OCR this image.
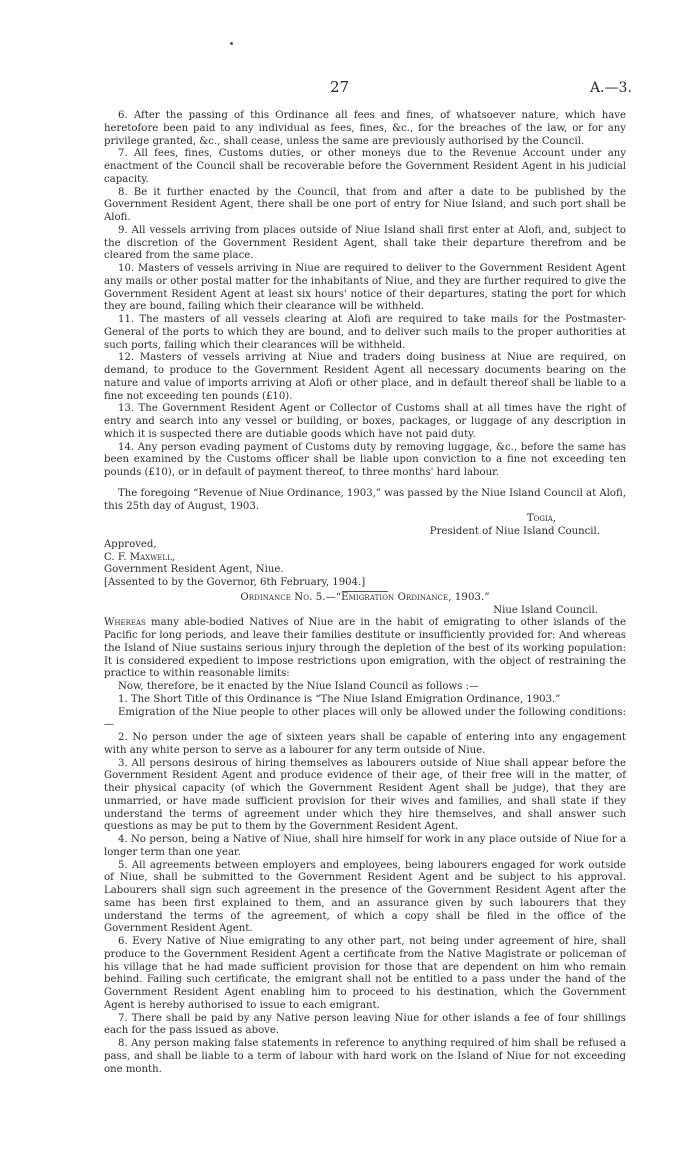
27	A.—3.

6. After the passing of this Ordinance all fees and fines, of whatsoever nature, which have heretofore been paid to any individual as fees, fines, &c., for the breaches of the law, or for any privilege granted, &c., shall cease, unless the same are previously authorised by the Council.

7. All fees, fines, Customs duties, or other moneys due to the Revenue Account under any enactment of the Council shall be recoverable before the Government Resident Agent in his judicial capacity.

8. Be it further enacted by the Council, that from and after a date to be published by the Government Resident Agent, there shall be one port of entry for Niue Island, and such port shall be Alofi.

9. All vessels arriving from places outside of Niue Island shall first enter at Alofi, and, subject to the discretion of the Government Resident Agent, shall take their departure therefrom and be cleared from the same place.

10. Masters of vessels arriving in Niue are required to deliver to the Government Resident Agent any mails or other postal matter for the inhabitants of Niue, and they are further required to give the Government Resident Agent at least six hours' notice of their departures, stating the port for which they are bound, failing which their clearance will be withheld.

11. The masters of all vessels clearing at Alofi are required to take mails for the Postmaster-General of the ports to which they are bound, and to deliver such mails to the proper authorities at such ports, failing which their clearances will be withheld.

12. Masters of vessels arriving at Niue and traders doing business at Niue are required, on demand, to produce to the Government Resident Agent all necessary documents bearing on the nature and value of imports arriving at Alofi or other place, and in default thereof shall be liable to a fine not exceeding ten pounds (£10).

13. The Government Resident Agent or Collector of Customs shall at all times have the right of entry and search into any vessel or building, or boxes, packages, or luggage of any description in which it is suspected there are dutiable goods which have not paid duty.

14. Any person evading payment of Customs duty by removing luggage, &c., before the same has been examined by the Customs officer shall be liable upon conviction to a fine not exceeding ten pounds (£10), or in default of payment thereof, to three months' hard labour.

The foregoing “Revenue of Niue Ordinance, 1903,” was passed by the Niue Island Council at Alofi, this 25th day of August, 1903.

Togia,

President of Niue Island Council.

Approved,

C. F. Maxwell,

Government Resident Agent, Niue.

[Assented to by the Governor, 6th February, 1904.]

Ordinance No. 5.—“Emigration Ordinance, 1903.”

Niue Island Council.

Whereas many able-bodied Natives of Niue are in the habit of emigrating to other islands of the Pacific for long periods, and leave their families destitute or insufficiently provided for: And whereas the Island of Niue sustains serious injury through the depletion of the best of its working population: It is considered expedient to impose restrictions upon emigration, with the object of restraining the practice to within reasonable limits:

Now, therefore, be it enacted by the Niue Island Council as follows :—

1. The Short Title of this Ordinance is “The Niue Island Emigration Ordinance, 1903.”

Emigration of the Niue people to other places will only be allowed under the following conditions:—

2. No person under the age of sixteen years shall be capable of entering into any engagement with any white person to serve as a labourer for any term outside of Niue.

3. All persons desirous of hiring themselves as labourers outside of Niue shall appear before the Government Resident Agent and produce evidence of their age, of their free will in the matter, of their physical capacity (of which the Government Resident Agent shall be judge), that they are unmarried, or have made sufficient provision for their wives and families, and shall state if they understand the terms of agreement under which they hire themselves, and shall answer such questions as may be put to them by the Government Resident Agent.

4. No person, being a Native of Niue, shall hire himself for work in any place outside of Niue for a longer term than one year.

5. All agreements between employers and employees, being labourers engaged for work outside of Niue, shall be submitted to the Government Resident Agent and be subject to his approval. Labourers shall sign such agreement in the presence of the Government Resident Agent after the same has been first explained to them, and an assurance given by such labourers that they understand the terms of the agreement, of which a copy shall be filed in the office of the Government Resident Agent.

6. Every Native of Niue emigrating to any other part, not being under agreement of hire, shall produce to the Government Resident Agent a certificate from the Native Magistrate or policeman of his village that he had made sufficient provision for those that are dependent on him who remain behind. Failing such certificate, the emigrant shall not be entitled to a pass under the hand of the Government Resident Agent enabling him to proceed to his destination, which the Government Agent is hereby authorised to issue to each emigrant.

7. There shall be paid by any Native person leaving Niue for other islands a fee of four shillings each for the pass issued as above.

8. Any person making false statements in reference to anything required of him shall be refused a pass, and shall be liable to a term of labour with hard work on the Island of Niue for not exceeding one month.
